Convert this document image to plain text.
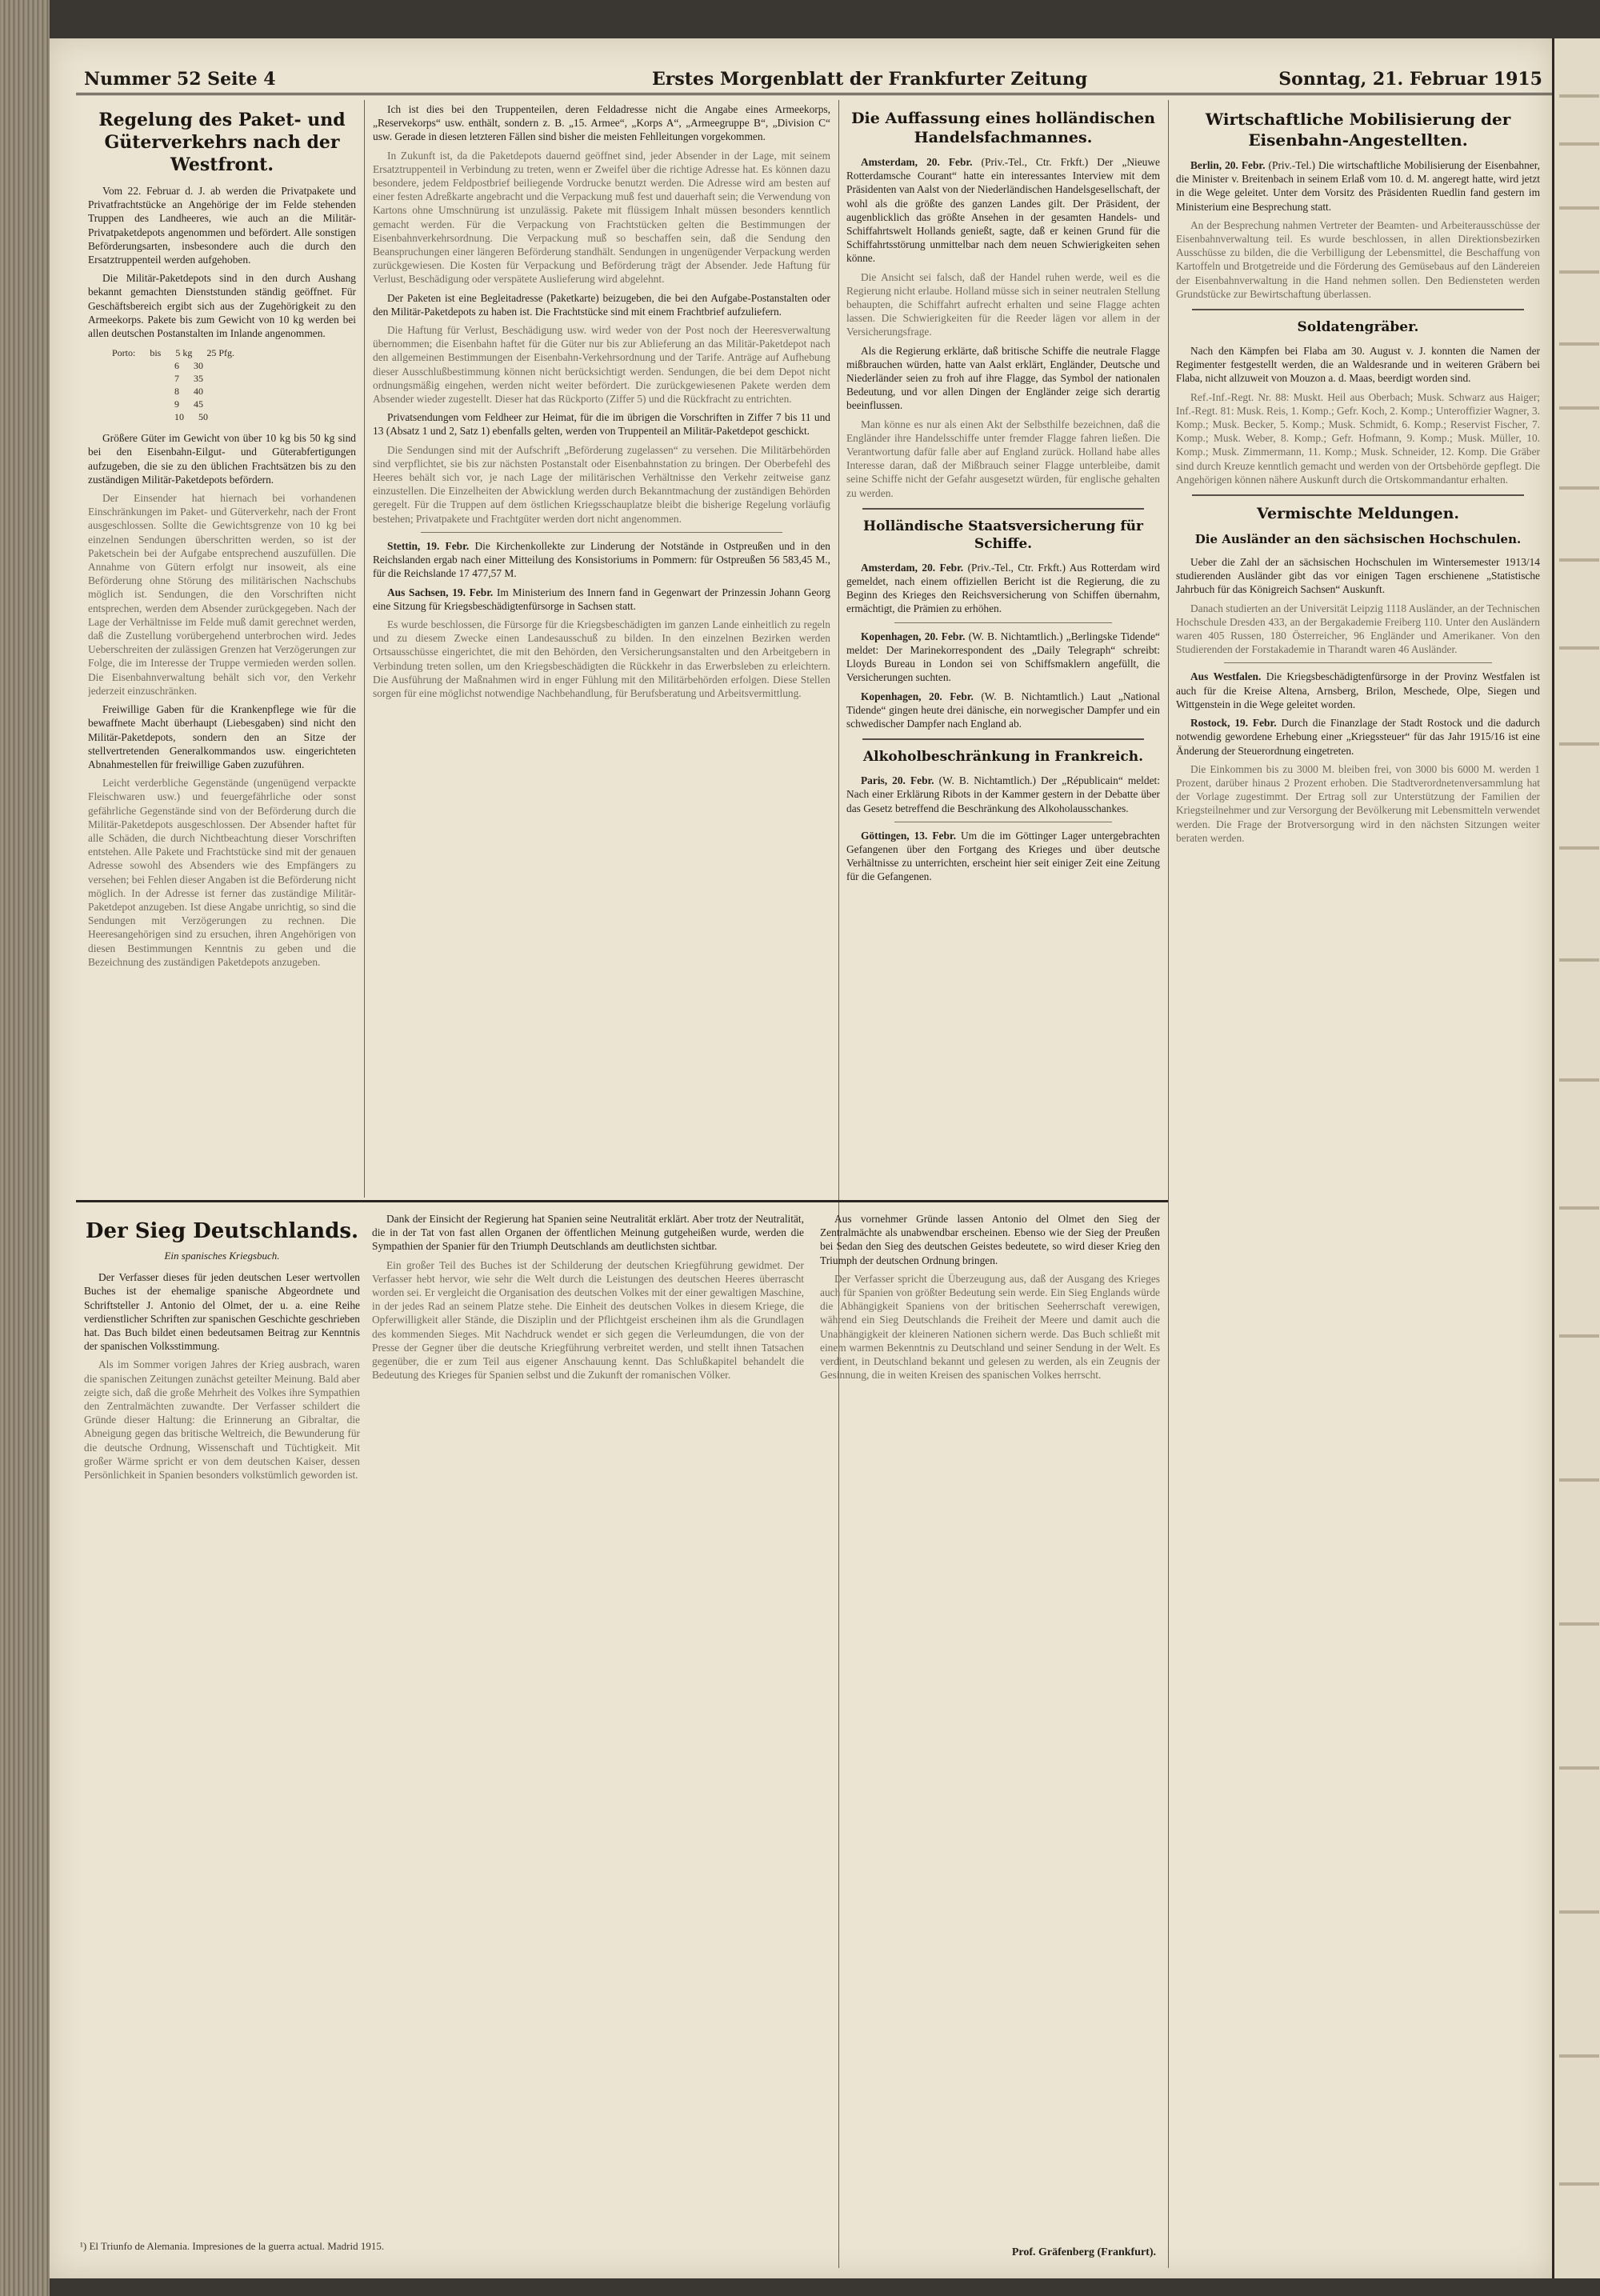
Nummer 52 Seite 4	Erstes Morgenblatt der Frankfurter Zeitung	Sonntag, 21. Februar 1915
Regelung des Paket- und Güterverkehrs nach der Westfront.

Vom 22. Februar d. J. ab werden die Privatpakete und Privatfrachtstücke an Angehörige der im Felde stehenden Truppen des Landheeres, wie auch an die Militär-Privatpaketdepots angenommen und befördert. Alle sonstigen Beförderungsarten, insbesondere auch die durch den Ersatztruppenteil werden aufgehoben.

Die Militär-Paketdepots sind in den durch Aushang bekannt gemachten Dienststunden ständig geöffnet. Für Geschäftsbereich ergibt sich aus der Zugehörigkeit zu den Armeekorps. Pakete bis zum Gewicht von 10 kg werden bei allen deutschen Postanstalten im Inlande angenommen.

Porto: bis 5 kg 25 Pfg.
6 30
7 35
8 40
9 45
10 50

Größere Güter im Gewicht von über 10 kg bis 50 kg sind bei den Eisenbahn-Eilgut- und Güterabfertigungen aufzugeben, die sie zu den üblichen Frachtsätzen bis zu den zuständigen Militär-Paketdepots befördern.

Der Einsender hat hiernach bei vorhandenen Einschränkungen im Paket- und Güterverkehr, nach der Front ausgeschlossen. Sollte die Gewichtsgrenze von 10 kg bei einzelnen Sendungen überschritten werden, so ist der Paketschein bei der Aufgabe entsprechend auszufüllen. Die Annahme von Gütern erfolgt nur insoweit, als eine Beförderung ohne Störung des militärischen Nachschubs möglich ist. Sendungen, die den Vorschriften nicht entsprechen, werden dem Absender zurückgegeben. Nach der Lage der Verhältnisse im Felde muß damit gerechnet werden, daß die Zustellung vorübergehend unterbrochen wird. Jedes Ueberschreiten der zulässigen Grenzen hat Verzögerungen zur Folge, die im Interesse der Truppe vermieden werden sollen. Die Eisenbahnverwaltung behält sich vor, den Verkehr jederzeit einzuschränken.

Freiwillige Gaben für die Krankenpflege wie für die bewaffnete Macht überhaupt (Liebesgaben) sind nicht den Militär-Paketdepots, sondern den an Sitze der stellvertretenden Generalkommandos usw. eingerichteten Abnahmestellen für freiwillige Gaben zuzuführen.

Leicht verderbliche Gegenstände (ungenügend verpackte Fleischwaren usw.) und feuergefährliche oder sonst gefährliche Gegenstände sind von der Beförderung durch die Militär-Paketdepots ausgeschlossen. Der Absender haftet für alle Schäden, die durch Nichtbeachtung dieser Vorschriften entstehen. Alle Pakete und Frachtstücke sind mit der genauen Adresse sowohl des Absenders wie des Empfängers zu versehen; bei Fehlen dieser Angaben ist die Beförderung nicht möglich. In der Adresse ist ferner das zuständige Militär-Paketdepot anzugeben. Ist diese Angabe unrichtig, so sind die Sendungen mit Verzögerungen zu rechnen. Die Heeresangehörigen sind zu ersuchen, ihren Angehörigen von diesen Bestimmungen Kenntnis zu geben und die Bezeichnung des zuständigen Paketdepots anzugeben.

Ich ist dies bei den Truppenteilen, deren Feldadresse nicht die Angabe eines Armeekorps, „Reservekorps“ usw. enthält, sondern z. B. „15. Armee“, „Korps A“, „Armeegruppe B“, „Division C“ usw. Gerade in diesen letzteren Fällen sind bisher die meisten Fehlleitungen vorgekommen.

In Zukunft ist, da die Paketdepots dauernd geöffnet sind, jeder Absender in der Lage, mit seinem Ersatztruppenteil in Verbindung zu treten, wenn er Zweifel über die richtige Adresse hat. Es können dazu besondere, jedem Feldpostbrief beiliegende Vordrucke benutzt werden. Die Adresse wird am besten auf einer festen Adreßkarte angebracht und die Verpackung muß fest und dauerhaft sein; die Verwendung von Kartons ohne Umschnürung ist unzulässig. Pakete mit flüssigem Inhalt müssen besonders kenntlich gemacht werden. Für die Verpackung von Frachtstücken gelten die Bestimmungen der Eisenbahnverkehrsordnung. Die Verpackung muß so beschaffen sein, daß die Sendung den Beanspruchungen einer längeren Beförderung standhält. Sendungen in ungenügender Verpackung werden zurückgewiesen. Die Kosten für Verpackung und Beförderung trägt der Absender. Jede Haftung für Verlust, Beschädigung oder verspätete Auslieferung wird abgelehnt.

Der Paketen ist eine Begleitadresse (Paketkarte) beizugeben, die bei den Aufgabe-Postanstalten oder den Militär-Paketdepots zu haben ist. Die Frachtstücke sind mit einem Frachtbrief aufzuliefern.

Die Haftung für Verlust, Beschädigung usw. wird weder von der Post noch der Heeresverwaltung übernommen; die Eisenbahn haftet für die Güter nur bis zur Ablieferung an das Militär-Paketdepot nach den allgemeinen Bestimmungen der Eisenbahn-Verkehrsordnung und der Tarife. Anträge auf Aufhebung dieser Ausschlußbestimmung können nicht berücksichtigt werden. Sendungen, die bei dem Depot nicht ordnungsmäßig eingehen, werden nicht weiter befördert. Die zurückgewiesenen Pakete werden dem Absender wieder zugestellt. Dieser hat das Rückporto (Ziffer 5) und die Rückfracht zu entrichten.

Privatsendungen vom Feldheer zur Heimat, für die im übrigen die Vorschriften in Ziffer 7 bis 11 und 13 (Absatz 1 und 2, Satz 1) ebenfalls gelten, werden von Truppenteil an Militär-Paketdepot geschickt.

Die Sendungen sind mit der Aufschrift „Beförderung zugelassen“ zu versehen. Die Militärbehörden sind verpflichtet, sie bis zur nächsten Postanstalt oder Eisenbahnstation zu bringen. Der Oberbefehl des Heeres behält sich vor, je nach Lage der militärischen Verhältnisse den Verkehr zeitweise ganz einzustellen. Die Einzelheiten der Abwicklung werden durch Bekanntmachung der zuständigen Behörden geregelt. Für die Truppen auf dem östlichen Kriegsschauplatze bleibt die bisherige Regelung vorläufig bestehen; Privatpakete und Frachtgüter werden dort nicht angenommen.

Stettin, 19. Febr. Die Kirchenkollekte zur Linderung der Notstände in Ostpreußen und in den Reichslanden ergab nach einer Mitteilung des Konsistoriums in Pommern: für Ostpreußen 56 583,45 M., für die Reichslande 17 477,57 M.

Aus Sachsen, 19. Febr. Im Ministerium des Innern fand in Gegenwart der Prinzessin Johann Georg eine Sitzung für Kriegsbeschädigtenfürsorge in Sachsen statt.

Es wurde beschlossen, die Fürsorge für die Kriegsbeschädigten im ganzen Lande einheitlich zu regeln und zu diesem Zwecke einen Landesausschuß zu bilden. In den einzelnen Bezirken werden Ortsausschüsse eingerichtet, die mit den Behörden, den Versicherungsanstalten und den Arbeitgebern in Verbindung treten sollen, um den Kriegsbeschädigten die Rückkehr in das Erwerbsleben zu erleichtern. Die Ausführung der Maßnahmen wird in enger Fühlung mit den Militärbehörden erfolgen. Diese Stellen sorgen für eine möglichst notwendige Nachbehandlung, für Berufsberatung und Arbeitsvermittlung.

Die Auffassung eines holländischen Handelsfachmannes.

Amsterdam, 20. Febr. (Priv.-Tel., Ctr. Frkft.) Der „Nieuwe Rotterdamsche Courant“ hatte ein interessantes Interview mit dem Präsidenten van Aalst von der Niederländischen Handelsgesellschaft, der wohl als die größte des ganzen Landes gilt. Der Präsident, der augenblicklich das größte Ansehen in der gesamten Handels- und Schiffahrtswelt Hollands genießt, sagte, daß er keinen Grund für die Schiffahrtsstörung unmittelbar nach dem neuen Schwierigkeiten sehen könne.

Die Ansicht sei falsch, daß der Handel ruhen werde, weil es die Regierung nicht erlaube. Holland müsse sich in seiner neutralen Stellung behaupten, die Schiffahrt aufrecht erhalten und seine Flagge achten lassen. Die Schwierigkeiten für die Reeder lägen vor allem in der Versicherungsfrage.

Als die Regierung erklärte, daß britische Schiffe die neutrale Flagge mißbrauchen würden, hatte van Aalst erklärt, Engländer, Deutsche und Niederländer seien zu froh auf ihre Flagge, das Symbol der nationalen Bedeutung, und vor allen Dingen der Engländer zeige sich derartig beeinflussen.

Man könne es nur als einen Akt der Selbsthilfe bezeichnen, daß die Engländer ihre Handelsschiffe unter fremder Flagge fahren ließen. Die Verantwortung dafür falle aber auf England zurück. Holland habe alles Interesse daran, daß der Mißbrauch seiner Flagge unterbleibe, damit seine Schiffe nicht der Gefahr ausgesetzt würden, für englische gehalten zu werden.

Holländische Staatsversicherung für Schiffe.

Amsterdam, 20. Febr. (Priv.-Tel., Ctr. Frkft.) Aus Rotterdam wird gemeldet, nach einem offiziellen Bericht ist die Regierung, die zu Beginn des Krieges den Reichsversicherung von Schiffen übernahm, ermächtigt, die Prämien zu erhöhen.

Kopenhagen, 20. Febr. (W. B. Nichtamtlich.) „Berlingske Tidende“ meldet: Der Marinekorrespondent des „Daily Telegraph“ schreibt: Lloyds Bureau in London sei von Schiffsmaklern angefüllt, die Versicherungen suchten.

Kopenhagen, 20. Febr. (W. B. Nichtamtlich.) Laut „National Tidende“ gingen heute drei dänische, ein norwegischer Dampfer und ein schwedischer Dampfer nach England ab.

Alkoholbeschränkung in Frankreich.

Paris, 20. Febr. (W. B. Nichtamtlich.) Der „Républicain“ meldet: Nach einer Erklärung Ribots in der Kammer gestern in der Debatte über das Gesetz betreffend die Beschränkung des Alkoholausschankes.

Göttingen, 13. Febr. Um die im Göttinger Lager untergebrachten Gefangenen über den Fortgang des Krieges und über deutsche Verhältnisse zu unterrichten, erscheint hier seit einiger Zeit eine Zeitung für die Gefangenen.

Wirtschaftliche Mobilisierung der Eisenbahn-Angestellten.

Berlin, 20. Febr. (Priv.-Tel.) Die wirtschaftliche Mobilisierung der Eisenbahner, die Minister v. Breitenbach in seinem Erlaß vom 10. d. M. angeregt hatte, wird jetzt in die Wege geleitet. Unter dem Vorsitz des Präsidenten Ruedlin fand gestern im Ministerium eine Besprechung statt.

An der Besprechung nahmen Vertreter der Beamten- und Arbeiterausschüsse der Eisenbahnverwaltung teil. Es wurde beschlossen, in allen Direktionsbezirken Ausschüsse zu bilden, die die Verbilligung der Lebensmittel, die Beschaffung von Kartoffeln und Brotgetreide und die Förderung des Gemüsebaus auf den Ländereien der Eisenbahnverwaltung in die Hand nehmen sollen. Den Bediensteten werden Grundstücke zur Bewirtschaftung überlassen.

Soldatengräber.

Nach den Kämpfen bei Flaba am 30. August v. J. konnten die Namen der Regimenter festgestellt werden, die an Waldesrande und in weiteren Gräbern bei Flaba, nicht allzuweit von Mouzon a. d. Maas, beerdigt worden sind.

Ref.-Inf.-Regt. Nr. 88: Muskt. Heil aus Oberbach; Musk. Schwarz aus Haiger; Inf.-Regt. 81: Musk. Reis, 1. Komp.; Gefr. Koch, 2. Komp.; Unteroffizier Wagner, 3. Komp.; Musk. Becker, 5. Komp.; Musk. Schmidt, 6. Komp.; Reservist Fischer, 7. Komp.; Musk. Weber, 8. Komp.; Gefr. Hofmann, 9. Komp.; Musk. Müller, 10. Komp.; Musk. Zimmermann, 11. Komp.; Musk. Schneider, 12. Komp. Die Gräber sind durch Kreuze kenntlich gemacht und werden von der Ortsbehörde gepflegt. Die Angehörigen können nähere Auskunft durch die Ortskommandantur erhalten.

Vermischte Meldungen.
Die Ausländer an den sächsischen Hochschulen.

Ueber die Zahl der an sächsischen Hochschulen im Wintersemester 1913/14 studierenden Ausländer gibt das vor einigen Tagen erschienene „Statistische Jahrbuch für das Königreich Sachsen“ Auskunft.

Danach studierten an der Universität Leipzig 1118 Ausländer, an der Technischen Hochschule Dresden 433, an der Bergakademie Freiberg 110. Unter den Ausländern waren 405 Russen, 180 Österreicher, 96 Engländer und Amerikaner. Von den Studierenden der Forstakademie in Tharandt waren 46 Ausländer.

Aus Westfalen. Die Kriegsbeschädigtenfürsorge in der Provinz Westfalen ist auch für die Kreise Altena, Arnsberg, Brilon, Meschede, Olpe, Siegen und Wittgenstein in die Wege geleitet worden.

Rostock, 19. Febr. Durch die Finanzlage der Stadt Rostock und die dadurch notwendig gewordene Erhebung einer „Kriegssteuer“ für das Jahr 1915/16 ist eine Änderung der Steuerordnung eingetreten.

Die Einkommen bis zu 3000 M. bleiben frei, von 3000 bis 6000 M. werden 1 Prozent, darüber hinaus 2 Prozent erhoben. Die Stadtverordnetenversammlung hat der Vorlage zugestimmt. Der Ertrag soll zur Unterstützung der Familien der Kriegsteilnehmer und zur Versorgung der Bevölkerung mit Lebensmitteln verwendet werden. Die Frage der Brotversorgung wird in den nächsten Sitzungen weiter beraten werden.

Der Sieg Deutschlands.
Ein spanisches Kriegsbuch.

Der Verfasser dieses für jeden deutschen Leser wertvollen Buches ist der ehemalige spanische Abgeordnete und Schriftsteller J. Antonio del Olmet, der u. a. eine Reihe verdienstlicher Schriften zur spanischen Geschichte geschrieben hat. Das Buch bildet einen bedeutsamen Beitrag zur Kenntnis der spanischen Volksstimmung.

Als im Sommer vorigen Jahres der Krieg ausbrach, waren die spanischen Zeitungen zunächst geteilter Meinung. Bald aber zeigte sich, daß die große Mehrheit des Volkes ihre Sympathien den Zentralmächten zuwandte. Der Verfasser schildert die Gründe dieser Haltung: die Erinnerung an Gibraltar, die Abneigung gegen das britische Weltreich, die Bewunderung für die deutsche Ordnung, Wissenschaft und Tüchtigkeit. Mit großer Wärme spricht er von dem deutschen Kaiser, dessen Persönlichkeit in Spanien besonders volkstümlich geworden ist.

Dank der Einsicht der Regierung hat Spanien seine Neutralität erklärt. Aber trotz der Neutralität, die in der Tat von fast allen Organen der öffentlichen Meinung gutgeheißen wurde, werden die Sympathien der Spanier für den Triumph Deutschlands am deutlichsten sichtbar.

Ein großer Teil des Buches ist der Schilderung der deutschen Kriegführung gewidmet. Der Verfasser hebt hervor, wie sehr die Welt durch die Leistungen des deutschen Heeres überrascht worden sei. Er vergleicht die Organisation des deutschen Volkes mit der einer gewaltigen Maschine, in der jedes Rad an seinem Platze stehe. Die Einheit des deutschen Volkes in diesem Kriege, die Opferwilligkeit aller Stände, die Disziplin und der Pflichtgeist erscheinen ihm als die Grundlagen des kommenden Sieges. Mit Nachdruck wendet er sich gegen die Verleumdungen, die von der Presse der Gegner über die deutsche Kriegführung verbreitet werden, und stellt ihnen Tatsachen gegenüber, die er zum Teil aus eigener Anschauung kennt. Das Schlußkapitel behandelt die Bedeutung des Krieges für Spanien selbst und die Zukunft der romanischen Völker.

Aus vornehmer Gründe lassen Antonio del Olmet den Sieg der Zentralmächte als unabwendbar erscheinen. Ebenso wie der Sieg der Preußen bei Sedan den Sieg des deutschen Geistes bedeutete, so wird dieser Krieg den Triumph der deutschen Ordnung bringen.

Der Verfasser spricht die Überzeugung aus, daß der Ausgang des Krieges auch für Spanien von größter Bedeutung sein werde. Ein Sieg Englands würde die Abhängigkeit Spaniens von der britischen Seeherrschaft verewigen, während ein Sieg Deutschlands die Freiheit der Meere und damit auch die Unabhängigkeit der kleineren Nationen sichern werde. Das Buch schließt mit einem warmen Bekenntnis zu Deutschland und seiner Sendung in der Welt. Es verdient, in Deutschland bekannt und gelesen zu werden, als ein Zeugnis der Gesinnung, die in weiten Kreisen des spanischen Volkes herrscht.

¹) El Triunfo de Alemania. Impresiones de la guerra actual. Madrid 1915.
Prof. Gräfenberg (Frankfurt).
